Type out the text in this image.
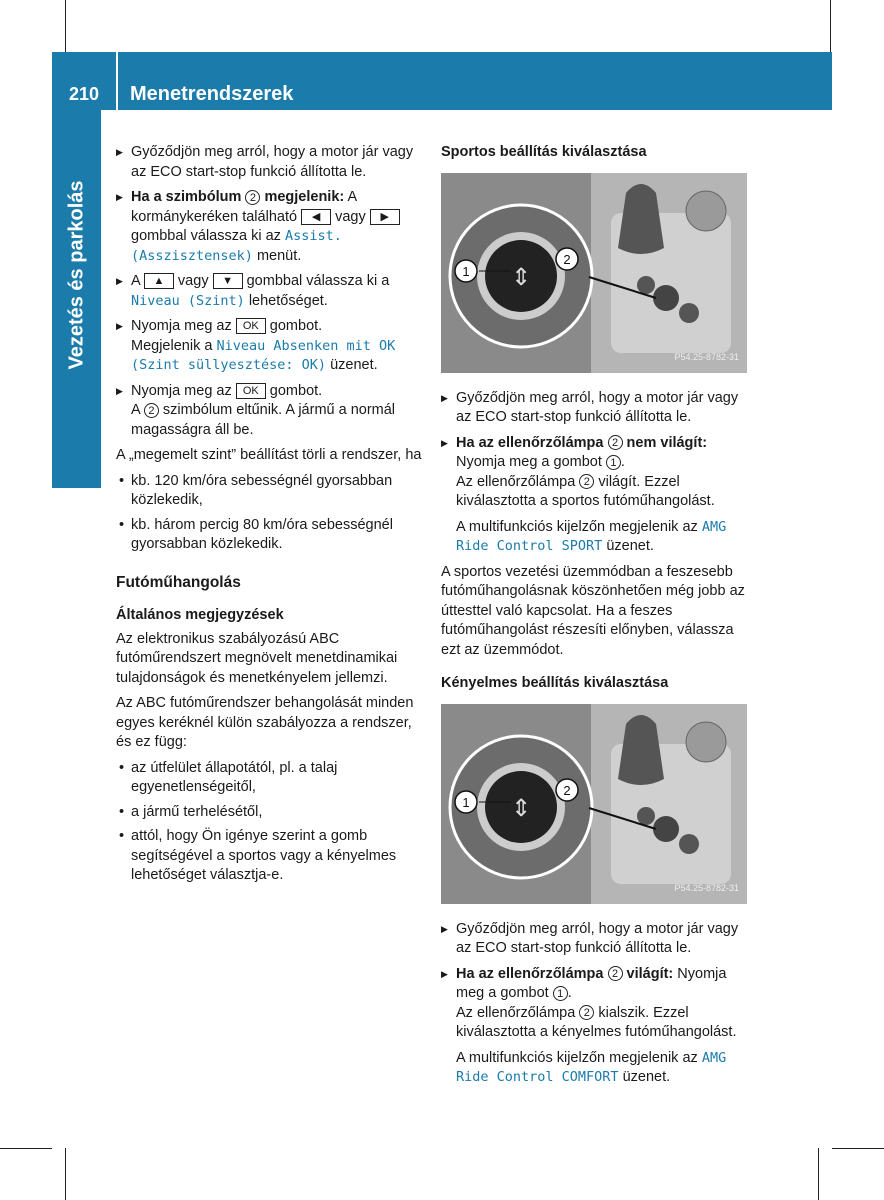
210	Menetrendszerek
Vezetés és parkolás
▶ Győződjön meg arról, hogy a motor jár vagy az ECO start-stop funkció állította le.
▶ Ha a szimbólum 2 megjelenik: A kormánykeréken található ◀ vagy ▶ gombbal válassza ki az Assist. (Asszisztensek) menüt.
▶ A ▲ vagy ▼ gombbal válassza ki a Niveau (Szint) lehetőséget.
▶ Nyomja meg az OK gombot.
Megjelenik a Niveau Absenken mit OK (Szint süllyesztése: OK) üzenet.
▶ Nyomja meg az OK gombot.
A 2 szimbólum eltűnik. A jármű a normál magasságra áll be.
A „megemelt szint” beállítást törli a rendszer, ha
• kb. 120 km/óra sebességnél gyorsabban közlekedik,
• kb. három percig 80 km/óra sebességnél gyorsabban közlekedik.
Futóműhangolás
Általános megjegyzések
Az elektronikus szabályozású ABC futóműrendszert megnövelt menetdinamikai tulajdonságok és menetkényelem jellemzi.
Az ABC futóműrendszer behangolását minden egyes keréknél külön szabályozza a rendszer, és ez függ:
• az útfelület állapotától, pl. a talaj egyenetlenségeitől,
• a jármű terhelésétől,
• attól, hogy Ön igénye szerint a gomb segítségével a sportos vagy a kényelmes lehetőséget választja-e.
Sportos beállítás kiválasztása
⇕
1
2
P54.25-8782-31
▶ Győződjön meg arról, hogy a motor jár vagy az ECO start-stop funkció állította le.
▶ Ha az ellenőrzőlámpa 2 nem világít:
Nyomja meg a gombot 1 .
Az ellenőrzőlámpa 2 világít. Ezzel kiválasztotta a sportos futóműhangolást.
A multifunkciós kijelzőn megjelenik az AMG Ride Control SPORT üzenet.
A sportos vezetési üzemmódban a feszesebb futóműhangolásnak köszönhetően még jobb az úttesttel való kapcsolat. Ha a feszes futóműhangolást részesíti előnyben, válassza ezt az üzemmódot.
Kényelmes beállítás kiválasztása
⇕
1
2
P54.25-8782-31
▶ Győződjön meg arról, hogy a motor jár vagy az ECO start-stop funkció állította le.
▶ Ha az ellenőrzőlámpa 2 világít: Nyomja meg a gombot 1 .
Az ellenőrzőlámpa 2 kialszik. Ezzel kiválasztotta a kényelmes futóműhangolást.
A multifunkciós kijelzőn megjelenik az AMG Ride Control COMFORT üzenet.
